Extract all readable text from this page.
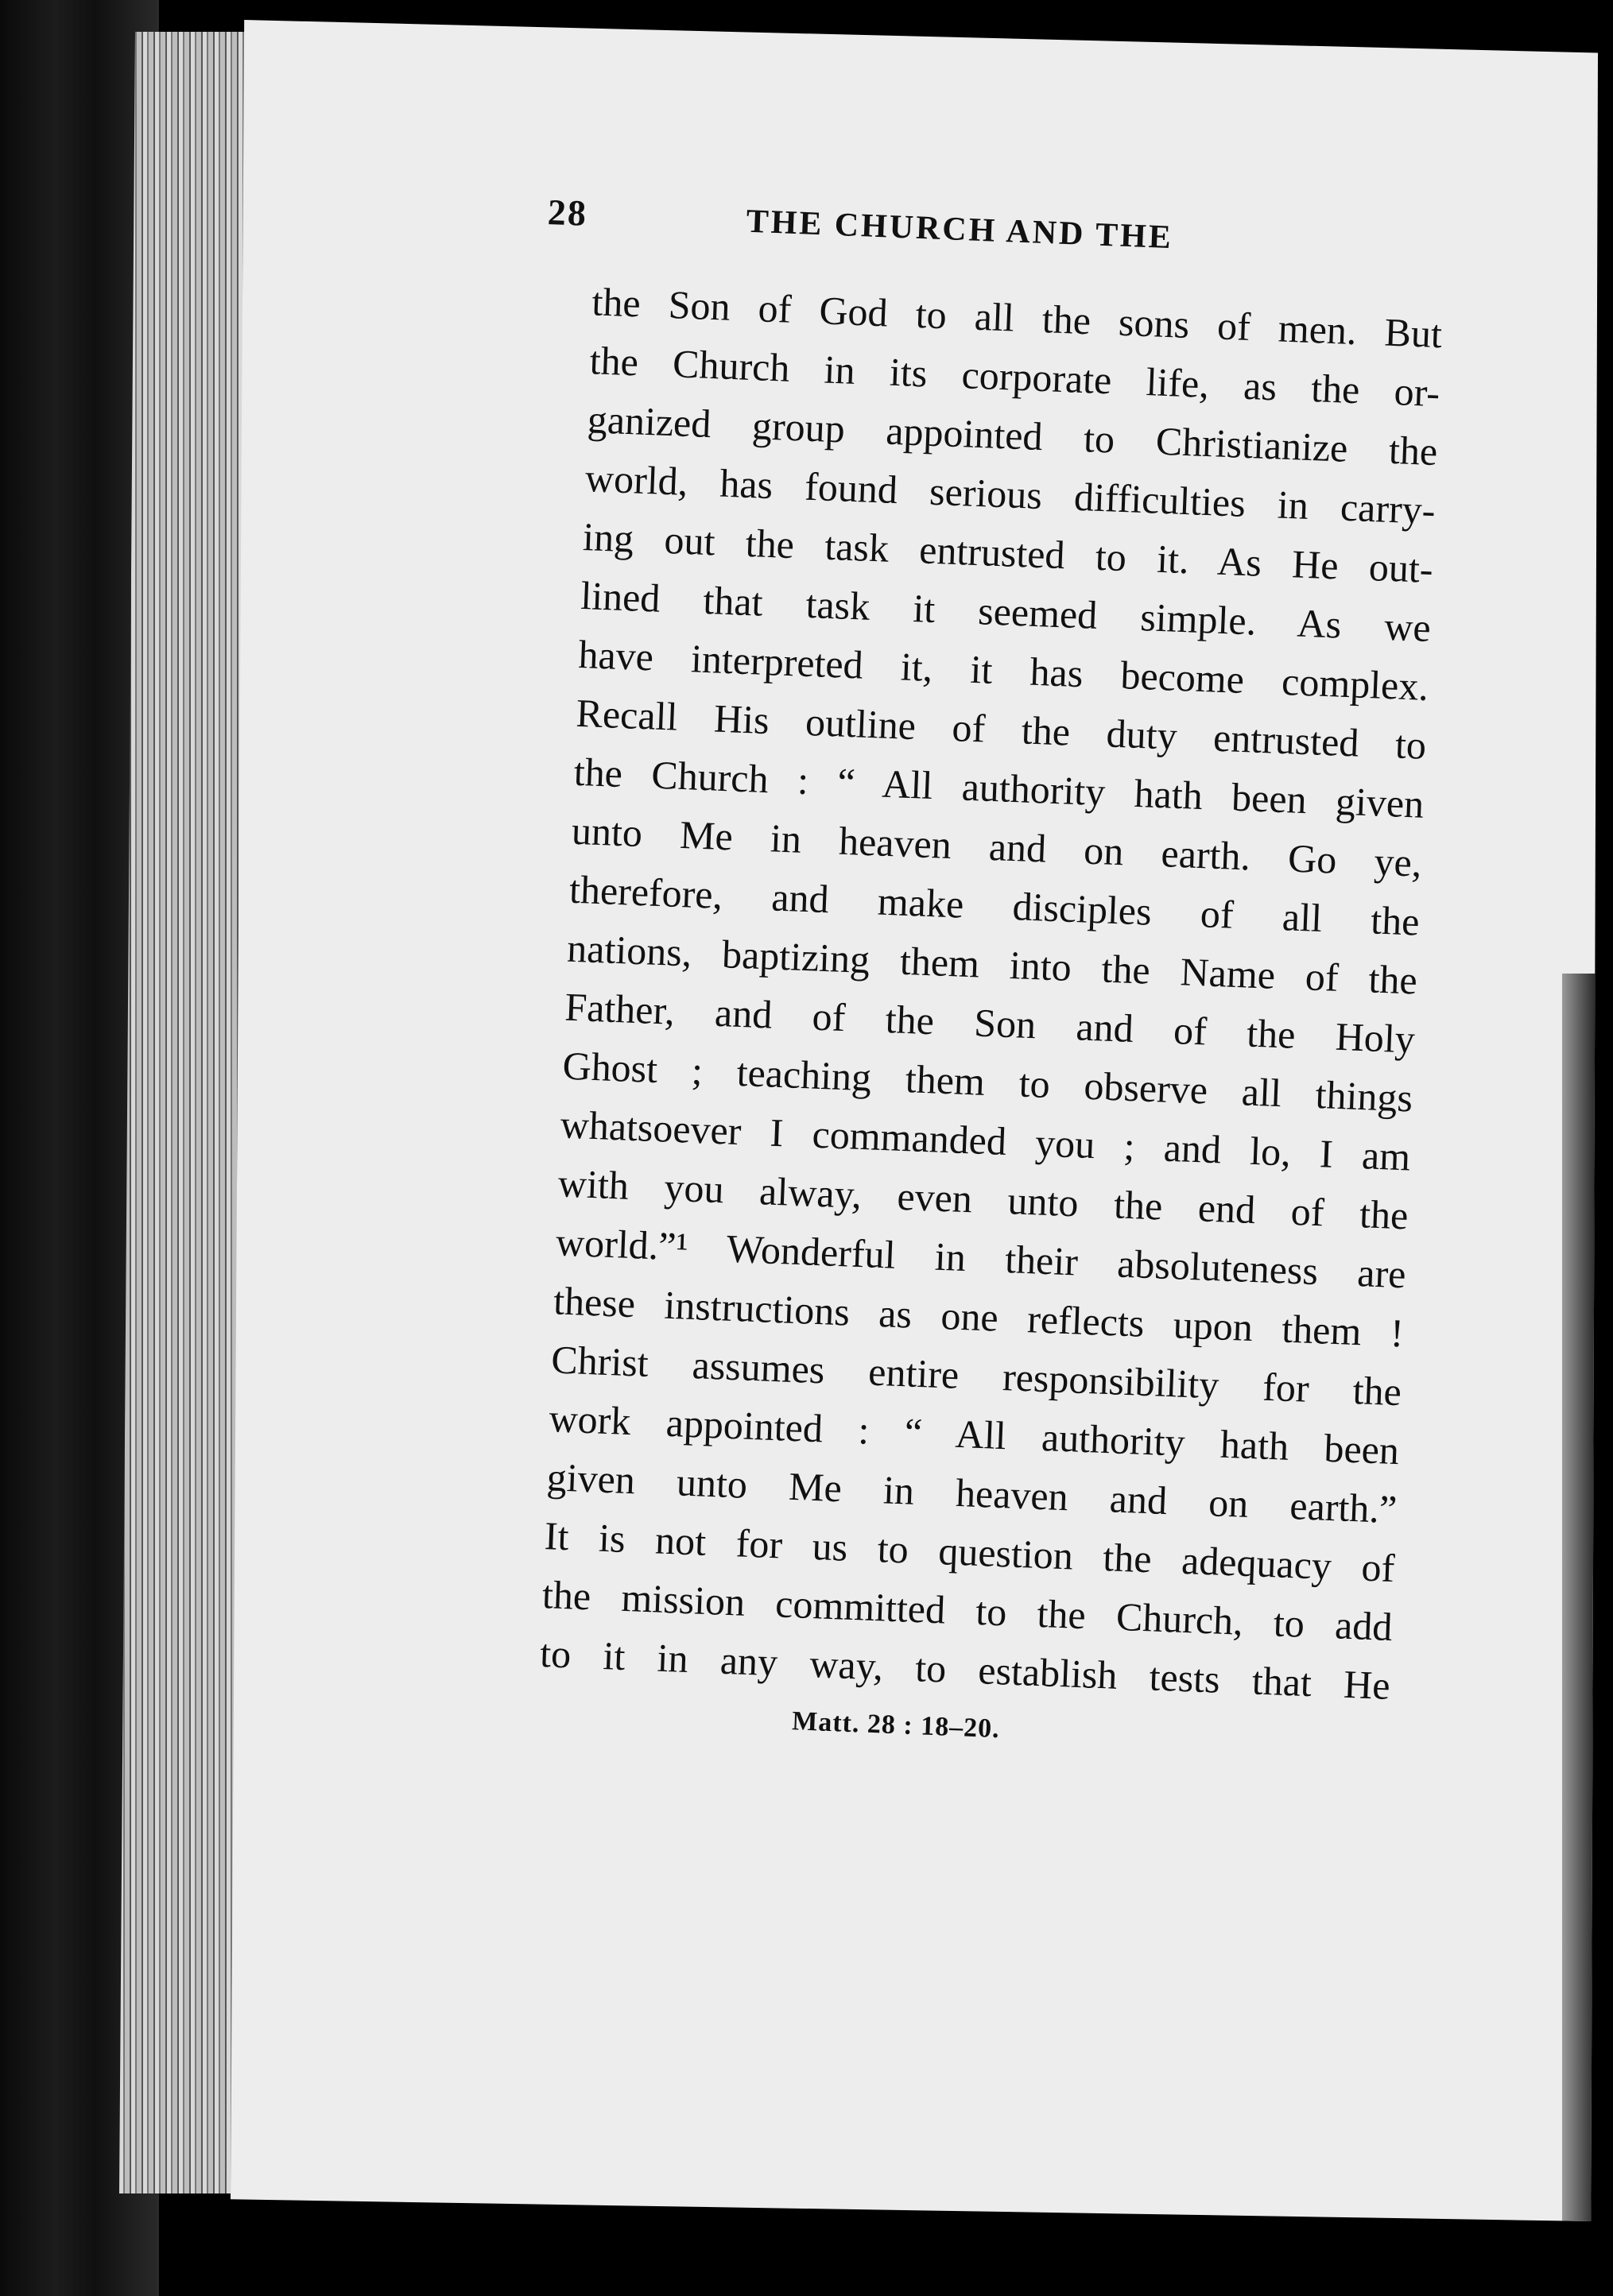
28	THE CHURCH AND THE
the Son of God to all the sons of men. But
the Church in its corporate life, as the or-
ganized group appointed to Christianize the
world, has found serious difficulties in carry-
ing out the task entrusted to it. As He out-
lined that task it seemed simple. As we
have interpreted it, it has become complex.
Recall His outline of the duty entrusted to
the Church : “ All authority hath been given
unto Me in heaven and on earth. Go ye,
therefore, and make disciples of all the
nations, baptizing them into the Name of the
Father, and of the Son and of the Holy
Ghost ; teaching them to observe all things
whatsoever I commanded you ; and lo, I am
with you alway, even unto the end of the
world.”¹ Wonderful in their absoluteness are
these instructions as one reflects upon them !
Christ assumes entire responsibility for the
work appointed : “ All authority hath been
given unto Me in heaven and on earth.”
It is not for us to question the adequacy of
the mission committed to the Church, to add
to it in any way, to establish tests that He
Matt. 28 : 18–20.
